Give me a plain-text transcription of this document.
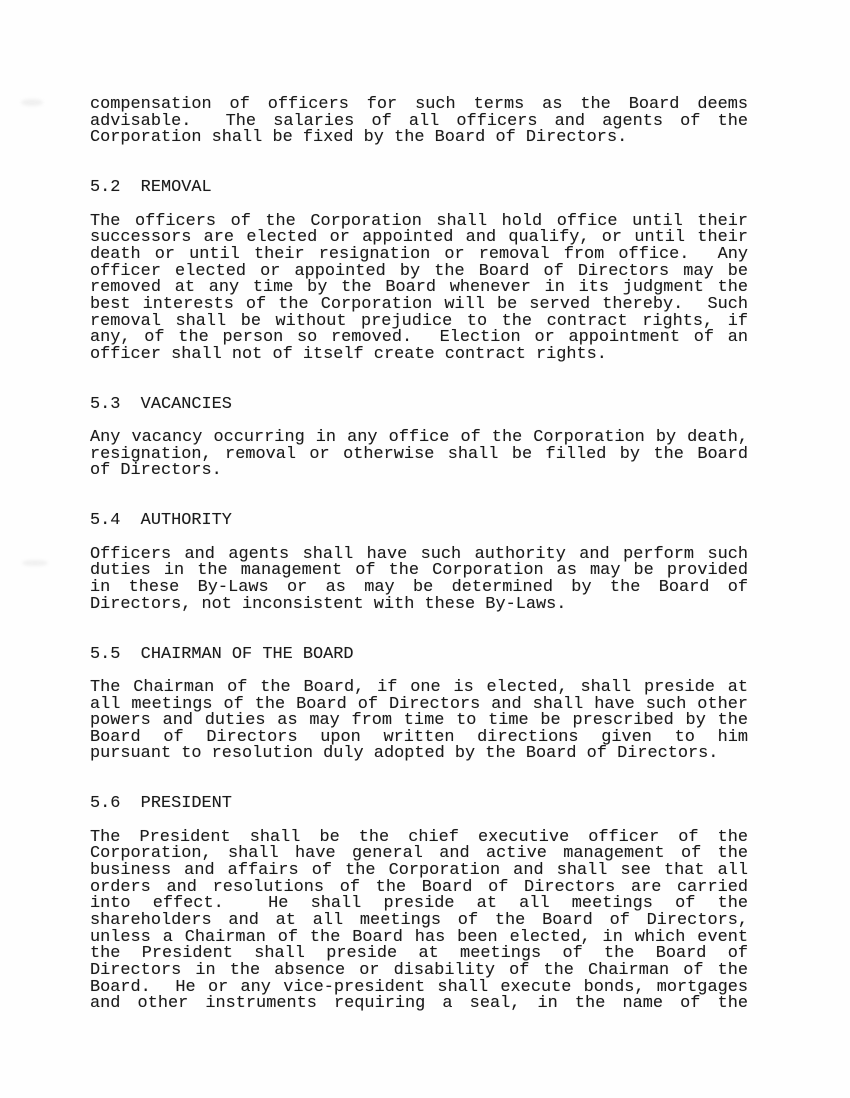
compensation of officers for such terms as the Board deems
advisable.  The salaries of all officers and agents of the
Corporation shall be fixed by the Board of Directors.
5.2  REMOVAL
The officers of the Corporation shall hold office until their
successors are elected or appointed and qualify, or until their
death or until their resignation or removal from office.  Any
officer elected or appointed by the Board of Directors may be
removed at any time by the Board whenever in its judgment the
best interests of the Corporation will be served thereby.  Such
removal shall be without prejudice to the contract rights, if
any, of the person so removed.  Election or appointment of an
officer shall not of itself create contract rights.
5.3  VACANCIES
Any vacancy occurring in any office of the Corporation by death,
resignation, removal or otherwise shall be filled by the Board
of Directors.
5.4  AUTHORITY
Officers and agents shall have such authority and perform such
duties in the management of the Corporation as may be provided
in these By-Laws or as may be determined by the Board of
Directors, not inconsistent with these By-Laws.
5.5  CHAIRMAN OF THE BOARD
The Chairman of the Board, if one is elected, shall preside at
all meetings of the Board of Directors and shall have such other
powers and duties as may from time to time be prescribed by the
Board of Directors upon written directions given to him
pursuant to resolution duly adopted by the Board of Directors.
5.6  PRESIDENT
The President shall be the chief executive officer of the
Corporation, shall have general and active management of the
business and affairs of the Corporation and shall see that all
orders and resolutions of the Board of Directors are carried
into effect.  He shall preside at all meetings of the
shareholders and at all meetings of the Board of Directors,
unless a Chairman of the Board has been elected, in which event
the President shall preside at meetings of the Board of
Directors in the absence or disability of the Chairman of the
Board.  He or any vice-president shall execute bonds, mortgages
and other instruments requiring a seal, in the name of the
